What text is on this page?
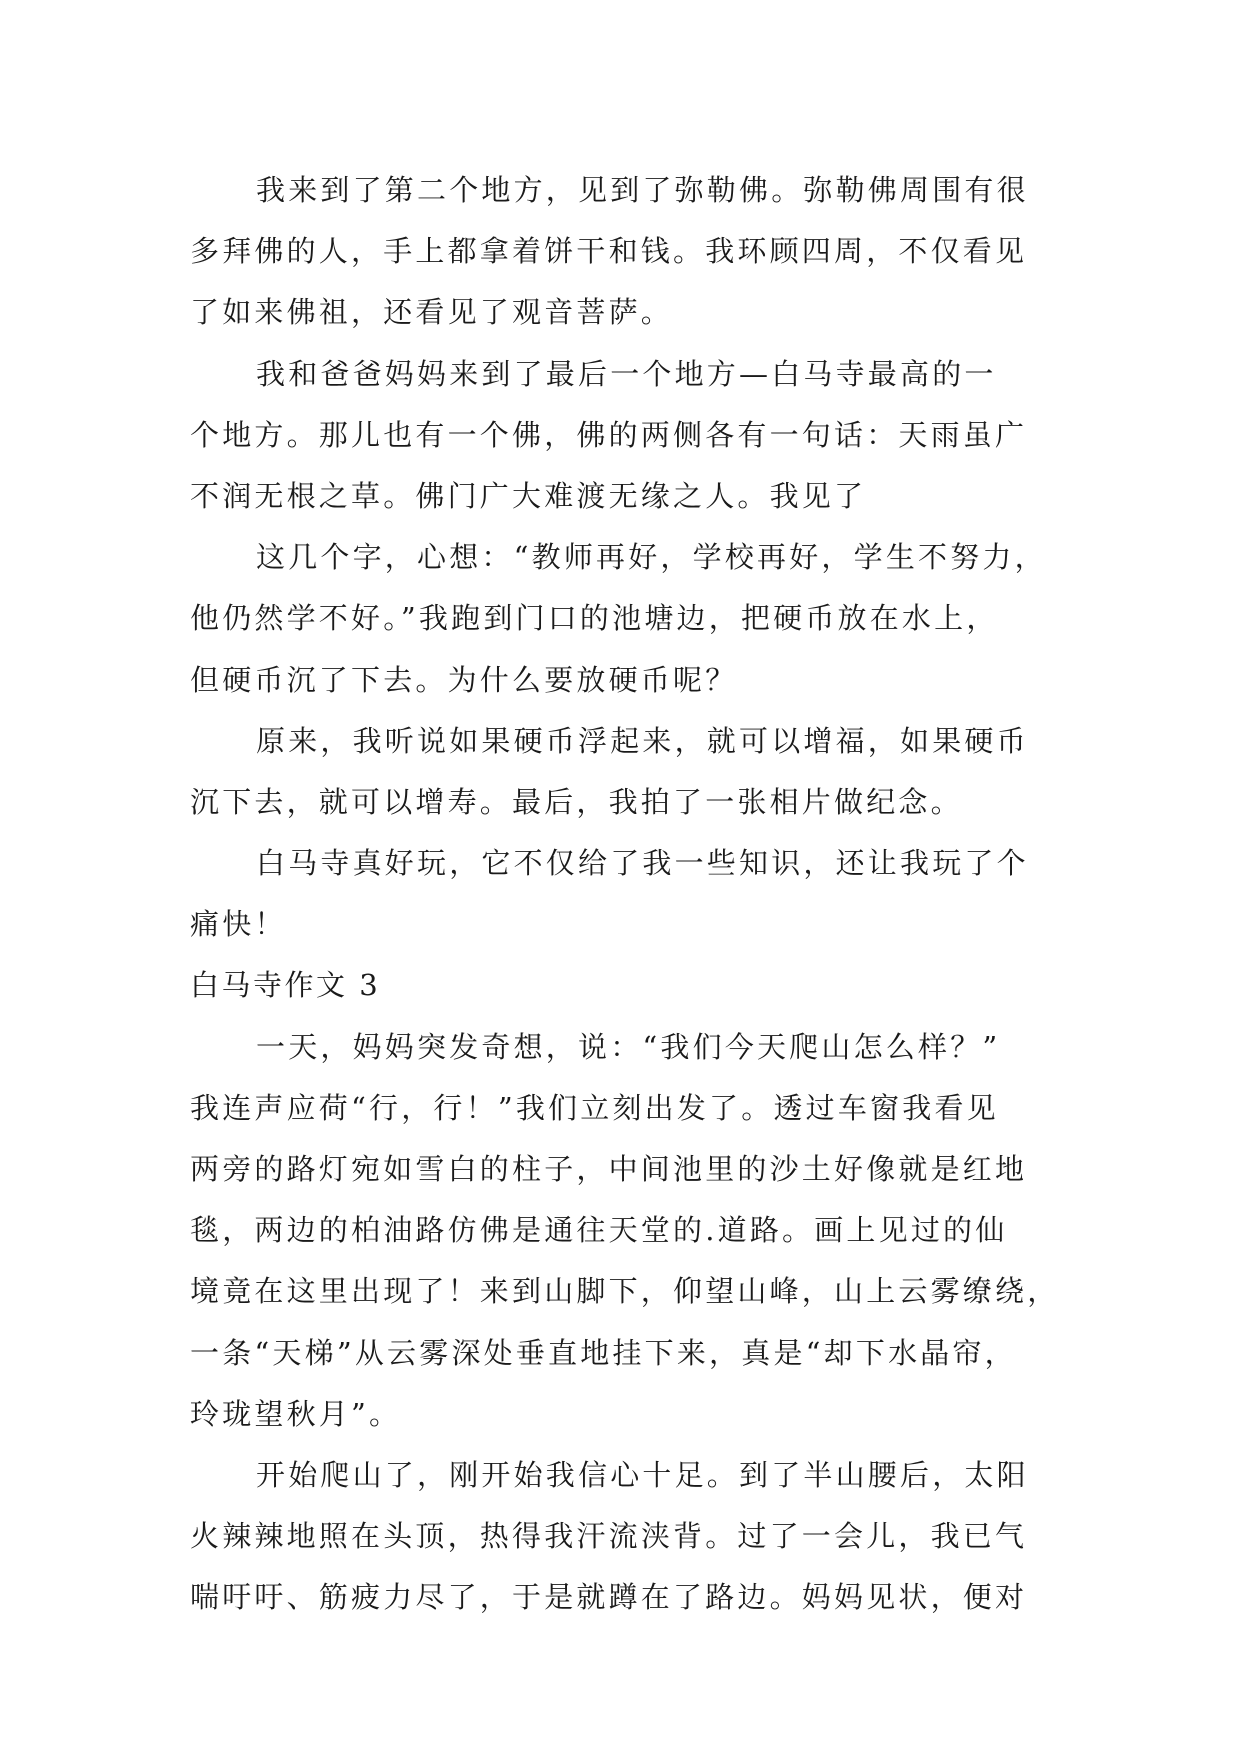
我来到了第二个地方，见到了弥勒佛。弥勒佛周围有很
多拜佛的人，手上都拿着饼干和钱。我环顾四周，不仅看见
了如来佛祖，还看见了观音菩萨。
我和爸爸妈妈来到了最后一个地方—白马寺最高的一
个地方。那儿也有一个佛，佛的两侧各有一句话：天雨虽广
不润无根之草。佛门广大难渡无缘之人。我见了
这几个字，心想：“教师再好，学校再好，学生不努力，
他仍然学不好。”我跑到门口的池塘边，把硬币放在水上，
但硬币沉了下去。为什么要放硬币呢？
原来，我听说如果硬币浮起来，就可以增福，如果硬币
沉下去，就可以增寿。最后，我拍了一张相片做纪念。
白马寺真好玩，它不仅给了我一些知识，还让我玩了个
痛快！
白马寺作文 3
一天，妈妈突发奇想，说：“我们今天爬山怎么样？”
我连声应荷“行，行！”我们立刻出发了。透过车窗我看见
两旁的路灯宛如雪白的柱子，中间池里的沙土好像就是红地
毯，两边的柏油路仿佛是通往天堂的.道路。画上见过的仙
境竟在这里出现了！来到山脚下，仰望山峰，山上云雾缭绕，
一条“天梯”从云雾深处垂直地挂下来，真是“却下水晶帘，
玲珑望秋月”。
开始爬山了，刚开始我信心十足。到了半山腰后，太阳
火辣辣地照在头顶，热得我汗流浃背。过了一会儿，我已气
喘吁吁、筋疲力尽了，于是就蹲在了路边。妈妈见状，便对
